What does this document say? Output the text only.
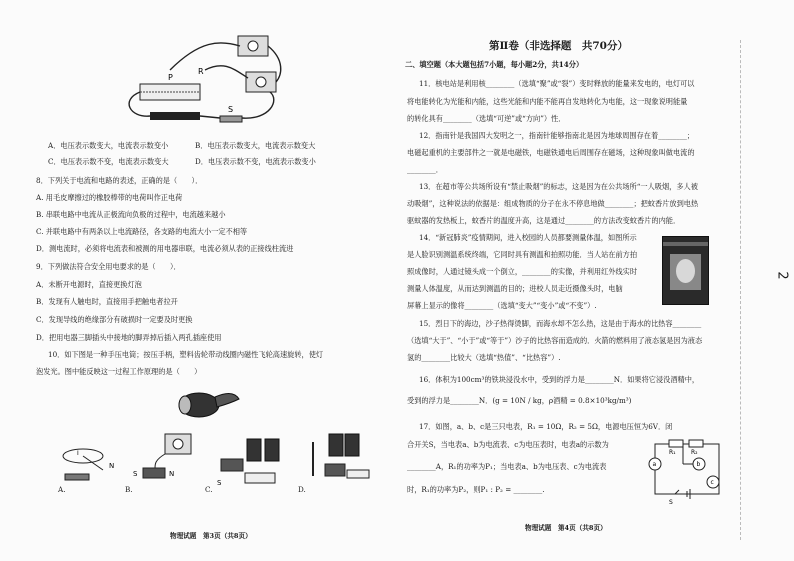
P
R
S
A．电压表示数变大，电流表示数变小	B．电压表示数变大，电流表示数变大
C．电压表示数不变，电流表示数变大	D．电压表示数不变，电流表示数变小
8．下列关于电流和电路的表述，正确的是（　　）．
A. 用毛皮摩擦过的橡胶棒带的电荷叫作正电荷
B. 串联电路中电流从正极流向负极的过程中，电流越来越小
C. 并联电路中有两条以上电流路径，各支路的电流大小一定不相等
D．测电流时，必须将电流表和被测的用电器串联，电流必须从表的正接线柱流进
9．下列做法符合安全用电要求的是（　　）．
A．未断开电源时，直接更换灯泡
B．发现有人触电时，直接用手把触电者拉开
C．发现导线的绝缘部分有破损时一定要及时更换
D．把用电器三脚插头中接地的脚弄掉后插入两孔插座使用
10．如下图是一种手压电筒；按压手柄，塑料齿轮带动线圈内磁性飞轮高速旋转，使灯
泡发光。图中能反映这一过程工作原理的是（　　）
N
I
S	N
S
A.	B.	C.	D.
物理试题　第3页（共8页）
第Ⅱ卷（非选择题　共70分）
二、填空题（本大题包括7小题，每小题2分，共14分）
11．核电站是利用核________（选填“聚”或“裂”）变时释放的能量来发电的，电灯可以
将电能转化为光能和内能，这些光能和内能不能再自发地转化为电能，这一现象说明能量
的转化具有________（选填“可逆”或“方向”）性．
12．指南针是我国四大发明之一，指南针能够指南北是因为地球周围存在着________；
电磁起重机的主要部件之一就是电磁铁，电磁铁通电后周围存在磁场，这种现象叫做电流的
________．
13．在超市等公共场所设有“禁止吸烟”的标志，这是因为在公共场所“一人吸烟，多人被
动吸烟”，这种说法的依据是：组成物质的分子在永不停息地做________；把蚊香片放到电热
驱蚊器的发热板上，蚊香片的温度升高，这是通过________的方法改变蚊香片的内能．
14．“新冠肺炎”疫情期间，进入校园的人员都要测量体温，如图所示
是人脸识别测温系统终端，它同时具有测温和拍照功能．当人站在前方拍
照成像时，人通过镜头成一个倒立，________的实像，并利用红外线实时
测量人体温度，从而达到测温的目的；进校人员走近摄像头时，电脑
屏幕上显示的像将________（选填“变大”“变小”或“不变”）.
15．烈日下的海边，沙子热得烫脚，而海水却不怎么热，这是由于海水的比热容________
（选填“大于”、“小于”或“等于”）沙子的比热容而造成的．火箭的燃料用了液态氢是因为液态
氢的________比较大（选填“热值”、“比热容”）.
16．体积为100cm³的铁块浸没水中，受到的浮力是________N．如果将它浸没酒精中，
受到的浮力是________N．(g = 10N / kg，ρ酒精 = 0.8×10³kg/m³)
17．如图，a、b、c是三只电表，R₁ = 10Ω，R₂ = 5Ω，电源电压恒为6V．闭
合开关S，当电表a、b为电流表、c为电压表时，电表a的示数为
________A，R₁的功率为P₁；当电表a、b为电压表、c为电流表
时，R₁的功率为P₂，则P₁ : P₂ = ________.
R₁	R₂
a	b
c
S
物理试题　第4页（共8页）
2
